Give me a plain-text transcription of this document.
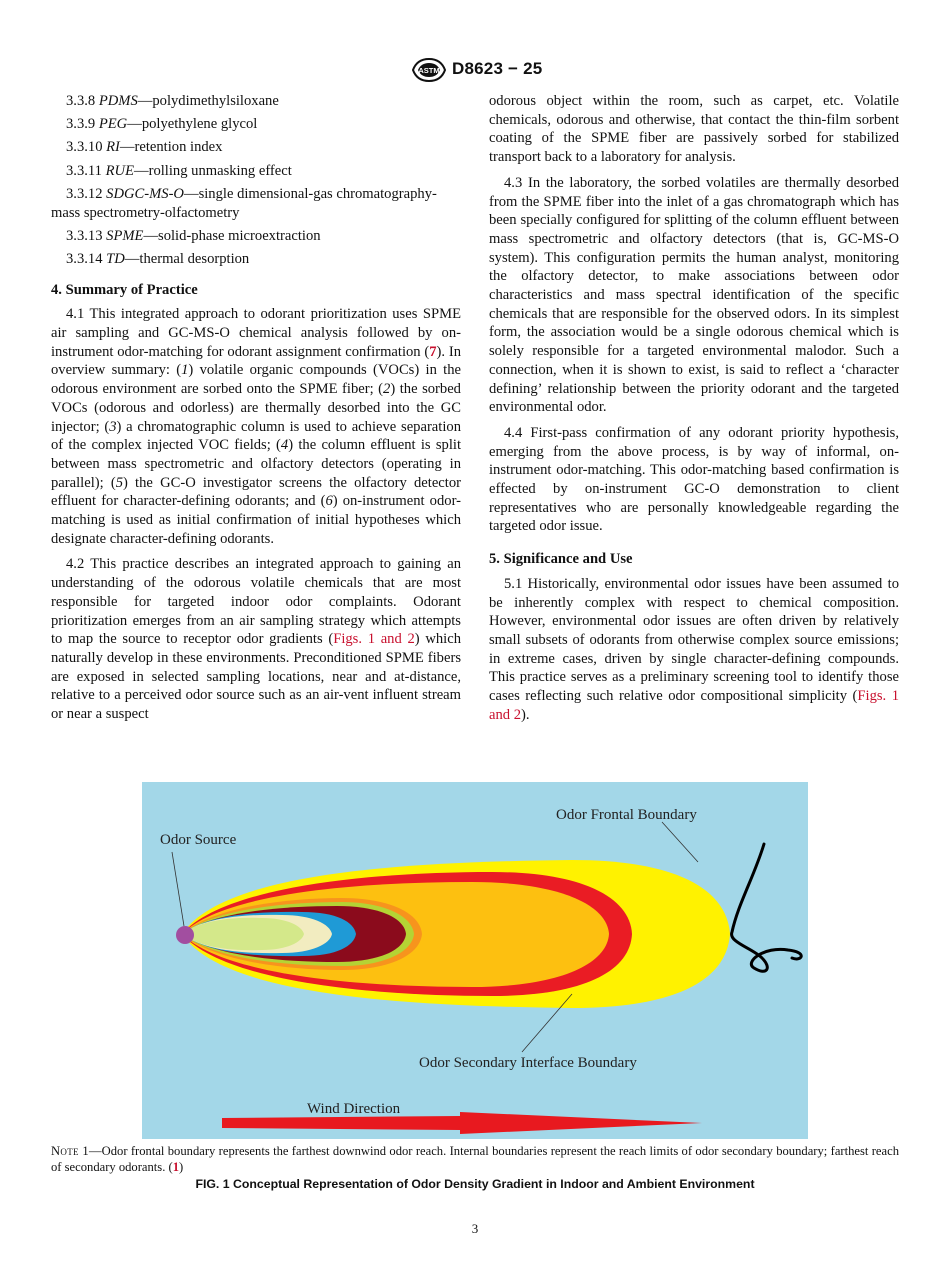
ASTM D8623 − 25

3.3.8 PDMS—polydimethylsiloxane

3.3.9 PEG—polyethylene glycol

3.3.10 RI—retention index

3.3.11 RUE—rolling unmasking effect

3.3.12 SDGC-MS-O—single dimensional-gas chromatography-mass spectrometry-olfactometry

3.3.13 SPME—solid-phase microextraction

3.3.14 TD—thermal desorption

4. Summary of Practice

4.1 This integrated approach to odorant prioritization uses SPME air sampling and GC-MS-O chemical analysis followed by on-instrument odor-matching for odorant assignment confirmation (7). In overview summary: (1) volatile organic compounds (VOCs) in the odorous environment are sorbed onto the SPME fiber; (2) the sorbed VOCs (odorous and odorless) are thermally desorbed into the GC injector; (3) a chromatographic column is used to achieve separation of the complex injected VOC fields; (4) the column effluent is split between mass spectrometric and olfactory detectors (operating in parallel); (5) the GC-O investigator screens the olfactory detector effluent for character-defining odorants; and (6) on-instrument odor-matching is used as initial confirmation of initial hypotheses which designate character-defining odorants.

4.2 This practice describes an integrated approach to gaining an understanding of the odorous volatile chemicals that are most responsible for targeted indoor odor complaints. Odorant prioritization emerges from an air sampling strategy which attempts to map the source to receptor odor gradients (Figs. 1 and 2) which naturally develop in these environments. Preconditioned SPME fibers are exposed in selected sampling locations, near and at-distance, relative to a perceived odor source such as an air-vent influent stream or near a suspect

odorous object within the room, such as carpet, etc. Volatile chemicals, odorous and otherwise, that contact the thin-film sorbent coating of the SPME fiber are passively sorbed for stabilized transport back to a laboratory for analysis.

4.3 In the laboratory, the sorbed volatiles are thermally desorbed from the SPME fiber into the inlet of a gas chromatograph which has been specially configured for splitting of the column effluent between mass spectrometric and olfactory detectors (that is, GC-MS-O system). This configuration permits the human analyst, monitoring the olfactory detector, to make associations between odor characteristics and mass spectral identification of the specific chemicals that are responsible for the observed odors. In its simplest form, the association would be a single odorous chemical which is solely responsible for a targeted environmental malodor. Such a connection, when it is shown to exist, is said to reflect a ‘character defining’ relationship between the priority odorant and the targeted environmental odor.

4.4 First-pass confirmation of any odorant priority hypothesis, emerging from the above process, is by way of informal, on-instrument odor-matching. This odor-matching based confirmation is effected by on-instrument GC-O demonstration to client representatives who are personally knowledgeable regarding the targeted odor issue.

5. Significance and Use

5.1 Historically, environmental odor issues have been assumed to be inherently complex with respect to chemical composition. However, environmental odor issues are often driven by relatively small subsets of odorants from otherwise complex source emissions; in extreme cases, driven by single character-defining compounds. This practice serves as a preliminary screening tool to identify those cases reflecting such relative odor compositional simplicity (Figs. 1 and 2).

Odor Source
Odor Frontal Boundary
Odor Secondary Interface Boundary
Wind Direction
Note 1—Odor frontal boundary represents the farthest downwind odor reach. Internal boundaries represent the reach limits of odor secondary boundary; farthest reach of secondary odorants. (1)
FIG. 1 Conceptual Representation of Odor Density Gradient in Indoor and Ambient Environment
3
